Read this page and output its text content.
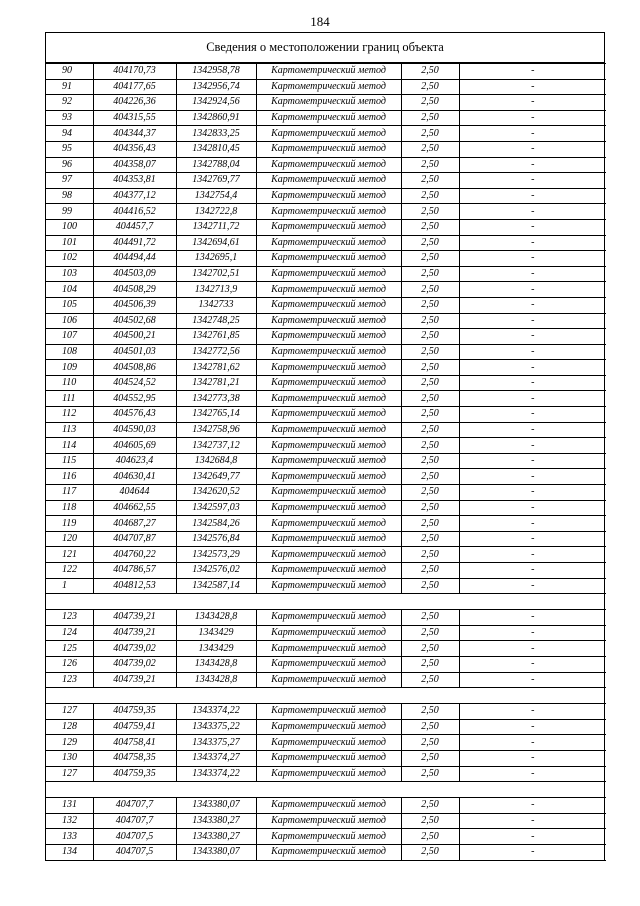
184
Сведения о местоположении границ объекта
90	404170,73	1342958,78	Картометрический метод	2,50	-
91	404177,65	1342956,74	Картометрический метод	2,50	-
92	404226,36	1342924,56	Картометрический метод	2,50	-
93	404315,55	1342860,91	Картометрический метод	2,50	-
94	404344,37	1342833,25	Картометрический метод	2,50	-
95	404356,43	1342810,45	Картометрический метод	2,50	-
96	404358,07	1342788,04	Картометрический метод	2,50	-
97	404353,81	1342769,77	Картометрический метод	2,50	-
98	404377,12	1342754,4	Картометрический метод	2,50	-
99	404416,52	1342722,8	Картометрический метод	2,50	-
100	404457,7	1342711,72	Картометрический метод	2,50	-
101	404491,72	1342694,61	Картометрический метод	2,50	-
102	404494,44	1342695,1	Картометрический метод	2,50	-
103	404503,09	1342702,51	Картометрический метод	2,50	-
104	404508,29	1342713,9	Картометрический метод	2,50	-
105	404506,39	1342733	Картометрический метод	2,50	-
106	404502,68	1342748,25	Картометрический метод	2,50	-
107	404500,21	1342761,85	Картометрический метод	2,50	-
108	404501,03	1342772,56	Картометрический метод	2,50	-
109	404508,86	1342781,62	Картометрический метод	2,50	-
110	404524,52	1342781,21	Картометрический метод	2,50	-
111	404552,95	1342773,38	Картометрический метод	2,50	-
112	404576,43	1342765,14	Картометрический метод	2,50	-
113	404590,03	1342758,96	Картометрический метод	2,50	-
114	404605,69	1342737,12	Картометрический метод	2,50	-
115	404623,4	1342684,8	Картометрический метод	2,50	-
116	404630,41	1342649,77	Картометрический метод	2,50	-
117	404644	1342620,52	Картометрический метод	2,50	-
118	404662,55	1342597,03	Картометрический метод	2,50	-
119	404687,27	1342584,26	Картометрический метод	2,50	-
120	404707,87	1342576,84	Картометрический метод	2,50	-
121	404760,22	1342573,29	Картометрический метод	2,50	-
122	404786,57	1342576,02	Картометрический метод	2,50	-
1	404812,53	1342587,14	Картометрический метод	2,50	-

123	404739,21	1343428,8	Картометрический метод	2,50	-
124	404739,21	1343429	Картометрический метод	2,50	-
125	404739,02	1343429	Картометрический метод	2,50	-
126	404739,02	1343428,8	Картометрический метод	2,50	-
123	404739,21	1343428,8	Картометрический метод	2,50	-

127	404759,35	1343374,22	Картометрический метод	2,50	-
128	404759,41	1343375,22	Картометрический метод	2,50	-
129	404758,41	1343375,27	Картометрический метод	2,50	-
130	404758,35	1343374,27	Картометрический метод	2,50	-
127	404759,35	1343374,22	Картометрический метод	2,50	-

131	404707,7	1343380,07	Картометрический метод	2,50	-
132	404707,7	1343380,27	Картометрический метод	2,50	-
133	404707,5	1343380,27	Картометрический метод	2,50	-
134	404707,5	1343380,07	Картометрический метод	2,50	-
